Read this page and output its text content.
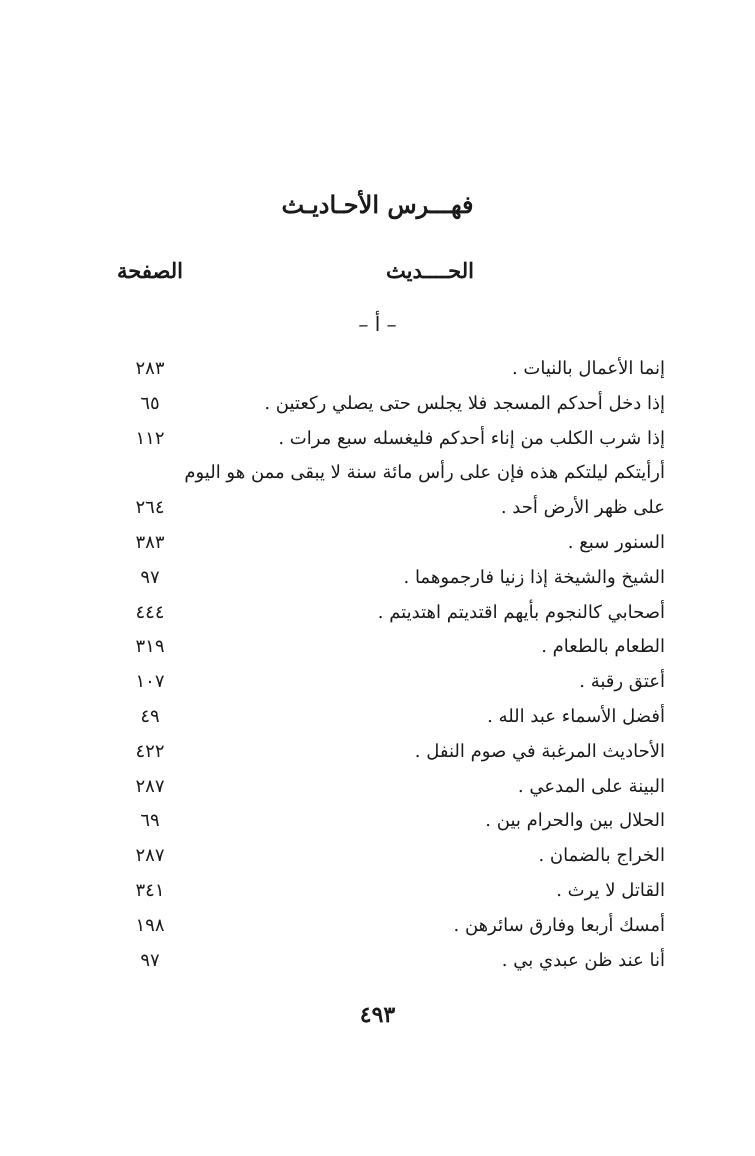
فهـــرس الأحـاديـث
الحــــديث
الصفحة
– أ –
إنما الأعمال بالنيات .
٢٨٣
إذا دخل أحدكم المسجد فلا يجلس حتى يصلي ركعتين .
٦٥
إذا شرب الكلب من إناء أحدكم فليغسله سبع مرات .
١١٢
أرأيتكم ليلتكم هذه فإن على رأس مائة سنة لا يبقى ممن هو اليوم
على ظهر الأرض أحد .
٢٦٤
السنور سبع .
٣٨٣
الشيخ والشيخة إذا زنيا فارجموهما .
٩٧
أصحابي كالنجوم بأيهم اقتديتم اهتديتم .
٤٤٤
الطعام بالطعام .
٣١٩
أعتق رقبة .
١٠٧
أفضل الأسماء عبد الله .
٤٩
الأحاديث المرغبة في صوم النفل .
٤٢٢
البينة على المدعي .
٢٨٧
الحلال بين والحرام بين .
٦٩
الخراج بالضمان .
٢٨٧
القاتل لا يرث .
٣٤١
أمسك أربعا وفارق سائرهن .
١٩٨
أنا عند ظن عبدي بي .
٩٧
٤٩٣
